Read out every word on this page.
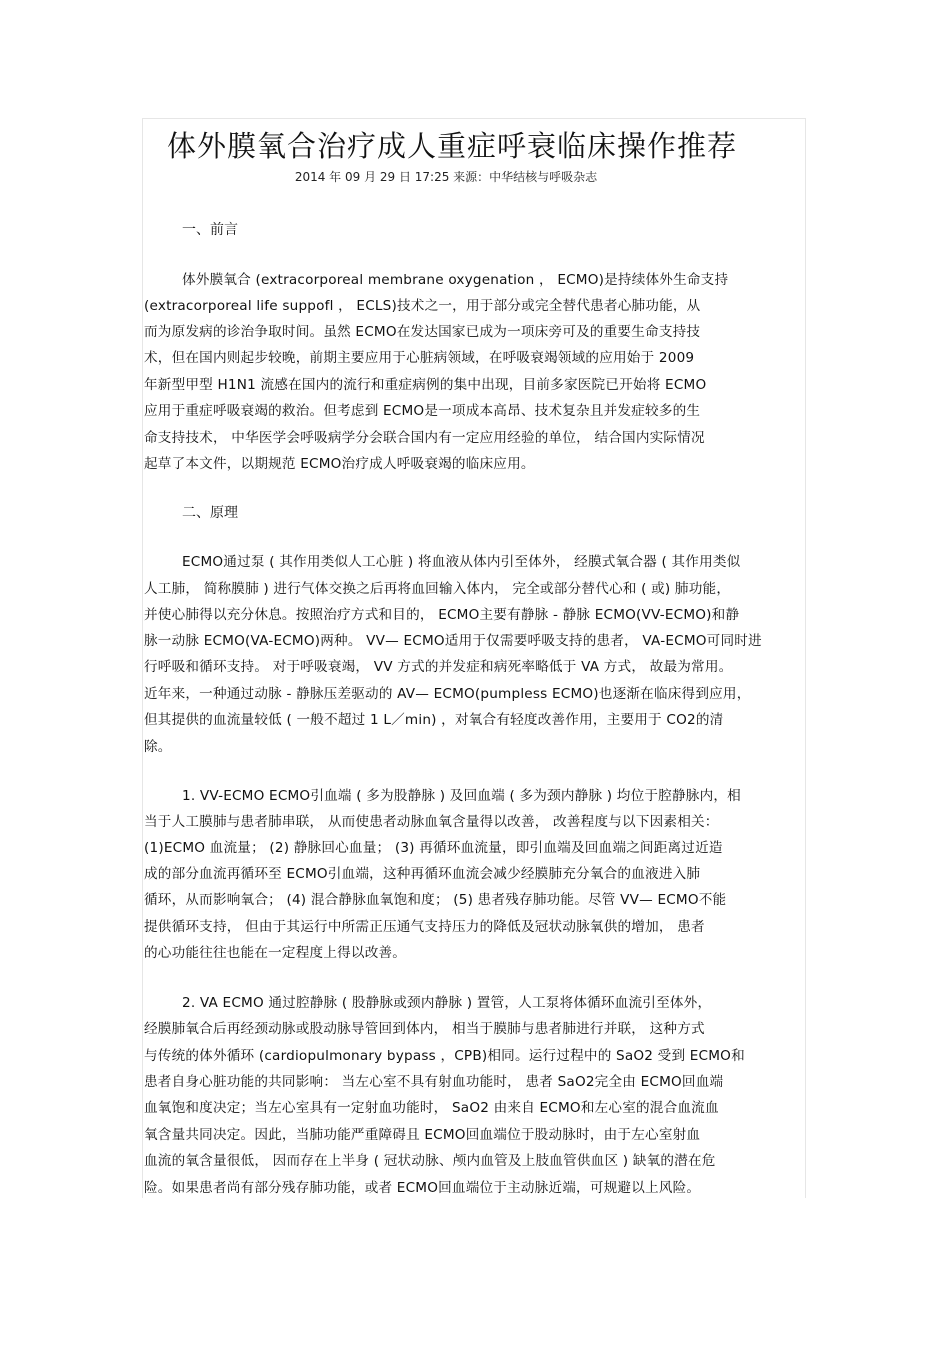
体外膜氧合治疗成人重症呼衰临床操作推荐
2014 年 09 月 29 日 17:25 来源：中华结核与呼吸杂志
一、前言
体外膜氧合 (extracorporeal membrane oxygenation ， ECMO)是持续体外生命支持
(extracorporeal life suppofl ， ECLS)技术之一，用于部分或完全替代患者心肺功能，从
而为原发病的诊治争取时间。虽然 ECMO在发达国家已成为一项床旁可及的重要生命支持技
术，但在国内则起步较晚，前期主要应用于心脏病领域，在呼吸衰竭领域的应用始于 2009
年新型甲型 H1N1 流感在国内的流行和重症病例的集中出现，目前多家医院已开始将 ECMO
应用于重症呼吸衰竭的救治。但考虑到 ECMO是一项成本高昂、技术复杂且并发症较多的生
命支持技术， 中华医学会呼吸病学分会联合国内有一定应用经验的单位， 结合国内实际情况
起草了本文件，以期规范 ECMO治疗成人呼吸衰竭的临床应用。
二、原理
ECMO通过泵 ( 其作用类似人工心脏 ) 将血液从体内引至体外， 经膜式氧合器 ( 其作用类似
人工肺， 简称膜肺 ) 进行气体交换之后再将血回输入体内， 完全或部分替代心和 ( 或) 肺功能，
并使心肺得以充分休息。按照治疗方式和目的， ECMO主要有静脉 - 静脉 ECMO(VV-ECMO)和静
脉一动脉 ECMO(VA-ECMO)两种。 VV— ECMO适用于仅需要呼吸支持的患者， VA-ECMO可同时进
行呼吸和循环支持。 对于呼吸衰竭， VV 方式的并发症和病死率略低于 VA 方式， 故最为常用。
近年来，一种通过动脉 - 静脉压差驱动的 AV— ECMO(pumpless ECMO)也逐渐在临床得到应用，
但其提供的血流量较低 ( 一般不超过 1 L／min) ，对氧合有轻度改善作用，主要用于 CO2的清
除。
1. VV-ECMO ECMO引血端 ( 多为股静脉 ) 及回血端 ( 多为颈内静脉 ) 均位于腔静脉内，相
当于人工膜肺与患者肺串联， 从而使患者动脉血氧含量得以改善， 改善程度与以下因素相关：
(1)ECMO 血流量； (2) 静脉回心血量； (3) 再循环血流量，即引血端及回血端之间距离过近造
成的部分血流再循环至 ECMO引血端，这种再循环血流会减少经膜肺充分氧合的血液进入肺
循环，从而影响氧合； (4) 混合静脉血氧饱和度； (5) 患者残存肺功能。尽管 VV— ECMO不能
提供循环支持， 但由于其运行中所需正压通气支持压力的降低及冠状动脉氧供的增加， 患者
的心功能往往也能在一定程度上得以改善。
2. VA ECMO 通过腔静脉 ( 股静脉或颈内静脉 ) 置管，人工泵将体循环血流引至体外，
经膜肺氧合后再经颈动脉或股动脉导管回到体内， 相当于膜肺与患者肺进行并联， 这种方式
与传统的体外循环 (cardiopulmonary bypass ，CPB)相同。运行过程中的 SaO2 受到 ECMO和
患者自身心脏功能的共同影响： 当左心室不具有射血功能时， 患者 SaO2完全由 ECMO回血端
血氧饱和度决定；当左心室具有一定射血功能时， SaO2 由来自 ECMO和左心室的混合血流血
氧含量共同决定。因此，当肺功能严重障碍且 ECMO回血端位于股动脉时，由于左心室射血
血流的氧含量很低， 因而存在上半身 ( 冠状动脉、颅内血管及上肢血管供血区 ) 缺氧的潜在危
险。如果患者尚有部分残存肺功能，或者 ECMO回血端位于主动脉近端，可规避以上风险。
